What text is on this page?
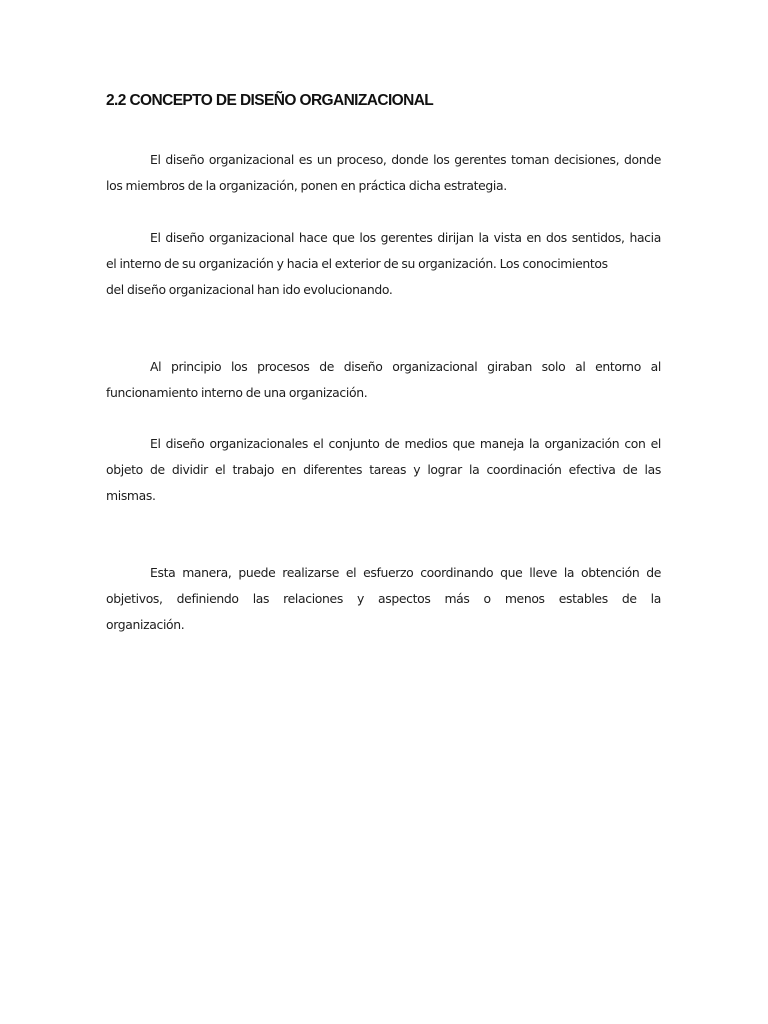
2.2 CONCEPTO DE DISEÑO ORGANIZACIONAL
El diseño organizacional es un proceso, donde los gerentes toman decisiones, donde
los miembros de la organización, ponen en práctica dicha estrategia.
El diseño organizacional hace que los gerentes dirijan la vista en dos sentidos, hacia
el interno de su organización y hacia el exterior de su organización. Los conocimientos
del diseño organizacional han ido evolucionando.
Al principio los procesos de diseño organizacional giraban solo al entorno al
funcionamiento interno de una organización.
El diseño organizacionales el conjunto de medios que maneja la organización con el
objeto de dividir el trabajo en diferentes tareas y lograr la coordinación efectiva de las
mismas.
Esta manera, puede realizarse el esfuerzo coordinando que lleve la obtención de
objetivos, definiendo las relaciones y aspectos más o menos estables de la
organización.
